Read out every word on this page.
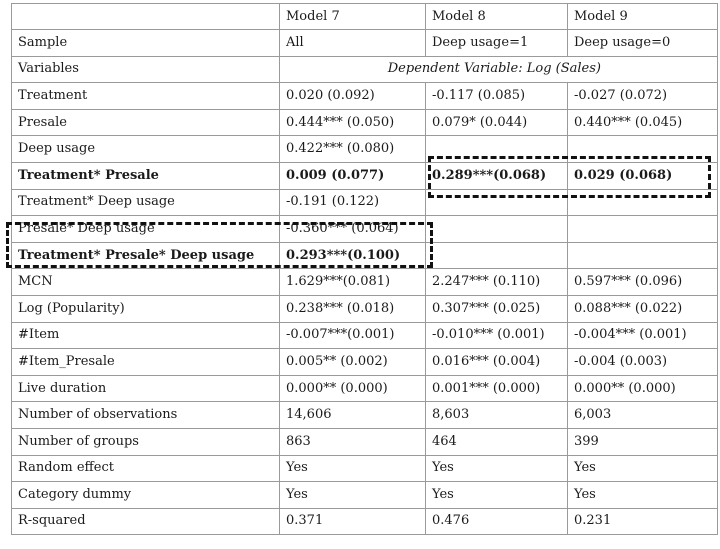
	Model 7	Model 8	Model 9
Sample	All	Deep usage=1	Deep usage=0
Variables	Dependent Variable: Log (Sales)		
Treatment	0.020 (0.092)	-0.117 (0.085)	-0.027 (0.072)
Presale	0.444*** (0.050)	0.079* (0.044)	0.440*** (0.045)
Deep usage	0.422*** (0.080)		
Treatment* Presale	0.009 (0.077)	0.289***(0.068)	0.029 (0.068)
Treatment* Deep usage	-0.191 (0.122)		
Presale* Deep usage	-0.360*** (0.064)		
Treatment* Presale* Deep usage	0.293***(0.100)		
MCN	1.629***(0.081)	2.247*** (0.110)	0.597*** (0.096)
Log (Popularity)	0.238*** (0.018)	0.307*** (0.025)	0.088*** (0.022)
#Item	-0.007***(0.001)	-0.010*** (0.001)	-0.004*** (0.001)
#Item_Presale	0.005** (0.002)	0.016*** (0.004)	-0.004 (0.003)
Live duration	0.000** (0.000)	0.001*** (0.000)	0.000** (0.000)
Number of observations	14,606	8,603	6,003
Number of groups	863	464	399
Random effect	Yes	Yes	Yes
Category dummy	Yes	Yes	Yes
R-squared	0.371	0.476	0.231
